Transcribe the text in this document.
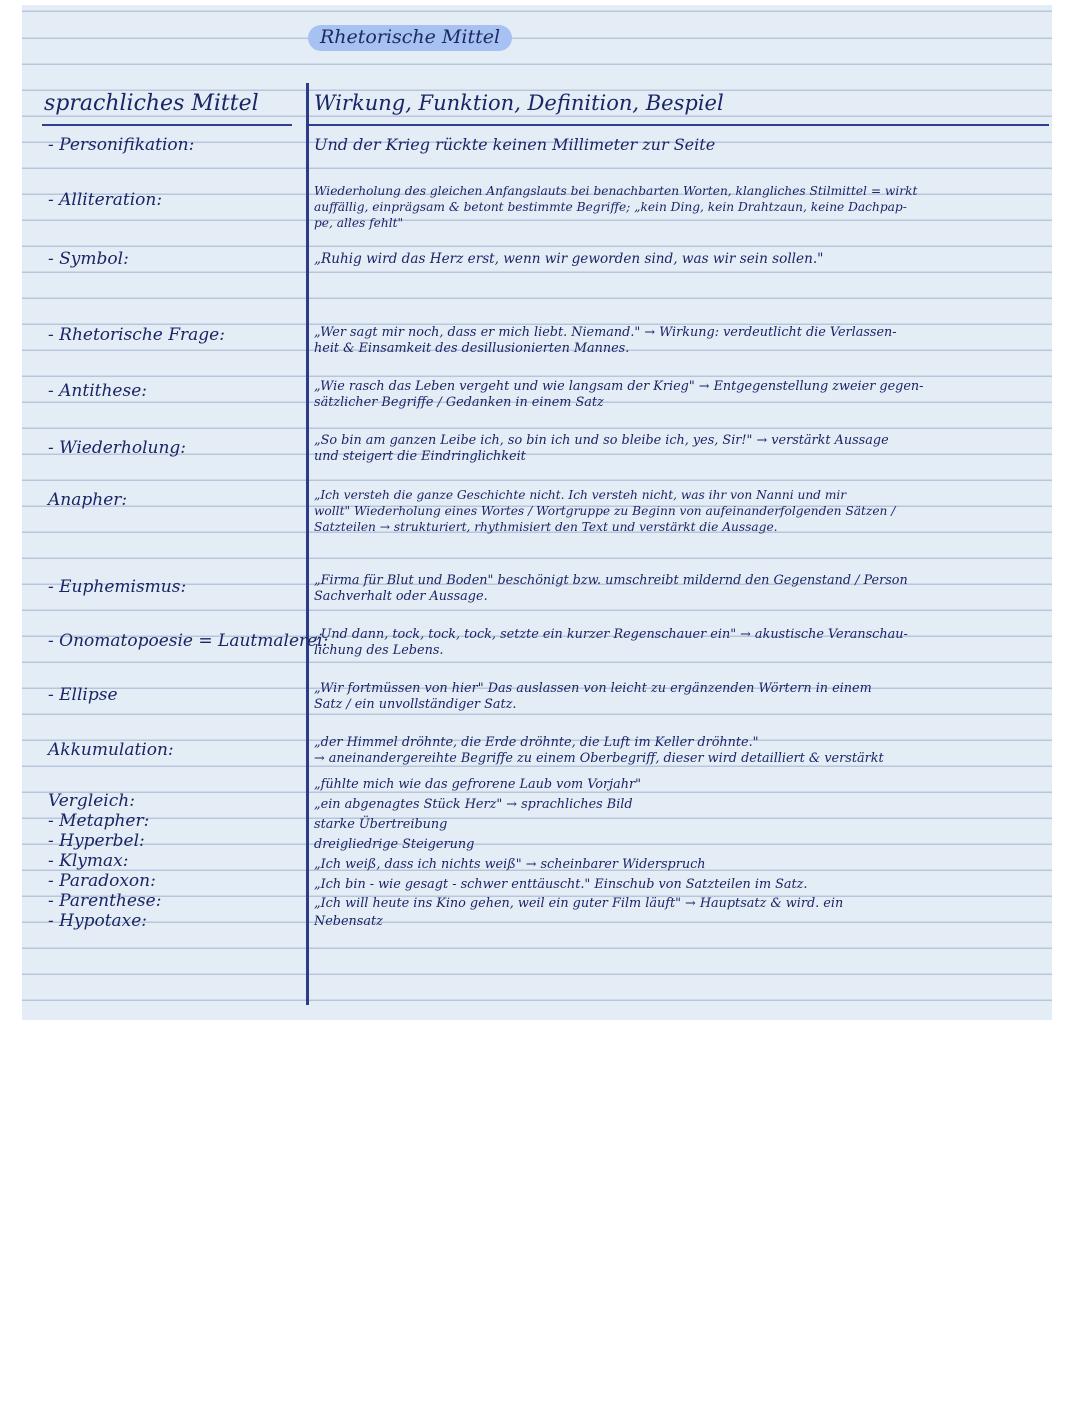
Rhetorische Mittel
sprachliches Mittel	Wirkung, Funktion, Definition, Bespiel
- Personifikation:
- Alliteration:
- Symbol:
- Rhetorische Frage:
- Antithese:
- Wiederholung:
Anapher:
- Euphemismus:
- Onomatopoesie = Lautmalerei:
- Ellipse
Akkumulation:
Vergleich:
- Metapher:
- Hyperbel:
- Klymax:
- Paradoxon:
- Parenthese:
- Hypotaxe:
Und der Krieg rückte keinen Millimeter zur Seite
Wiederholung des gleichen Anfangslauts bei benachbarten Worten, klangliches Stilmittel = wirkt
auffällig, einprägsam & betont bestimmte Begriffe; „kein Ding, kein Drahtzaun, keine Dachpap-
pe, alles fehlt"
„Ruhig wird das Herz erst, wenn wir geworden sind, was wir sein sollen."
„Wer sagt mir noch, dass er mich liebt. Niemand." → Wirkung: verdeutlicht die Verlassen-
heit & Einsamkeit des desillusionierten Mannes.
„Wie rasch das Leben vergeht und wie langsam der Krieg" → Entgegenstellung zweier gegen-
sätzlicher Begriffe / Gedanken in einem Satz
„So bin am ganzen Leibe ich, so bin ich und so bleibe ich, yes, Sir!" → verstärkt Aussage
und steigert die Eindringlichkeit
„Ich versteh die ganze Geschichte nicht. Ich versteh nicht, was ihr von Nanni und mir
wollt" Wiederholung eines Wortes / Wortgruppe zu Beginn von aufeinanderfolgenden Sätzen /
Satzteilen → strukturiert, rhythmisiert den Text und verstärkt die Aussage.
„Firma für Blut und Boden" beschönigt bzw. umschreibt mildernd den Gegenstand / Person
Sachverhalt oder Aussage.
„Und dann, tock, tock, tock, setzte ein kurzer Regenschauer ein" → akustische Veranschau-
lichung des Lebens.
„Wir fortmüssen von hier" Das auslassen von leicht zu ergänzenden Wörtern in einem
Satz / ein unvollständiger Satz.
„der Himmel dröhnte, die Erde dröhnte, die Luft im Keller dröhnte."
→ aneinandergereihte Begriffe zu einem Oberbegriff, dieser wird detailliert & verstärkt
„fühlte mich wie das gefrorene Laub vom Vorjahr"
„ein abgenagtes Stück Herz" → sprachliches Bild
starke Übertreibung
dreigliedrige Steigerung
„Ich weiß, dass ich nichts weiß" → scheinbarer Widerspruch
„Ich bin - wie gesagt - schwer enttäuscht." Einschub von Satzteilen im Satz.
„Ich will heute ins Kino gehen, weil ein guter Film läuft" → Hauptsatz & wird. ein
Nebensatz
